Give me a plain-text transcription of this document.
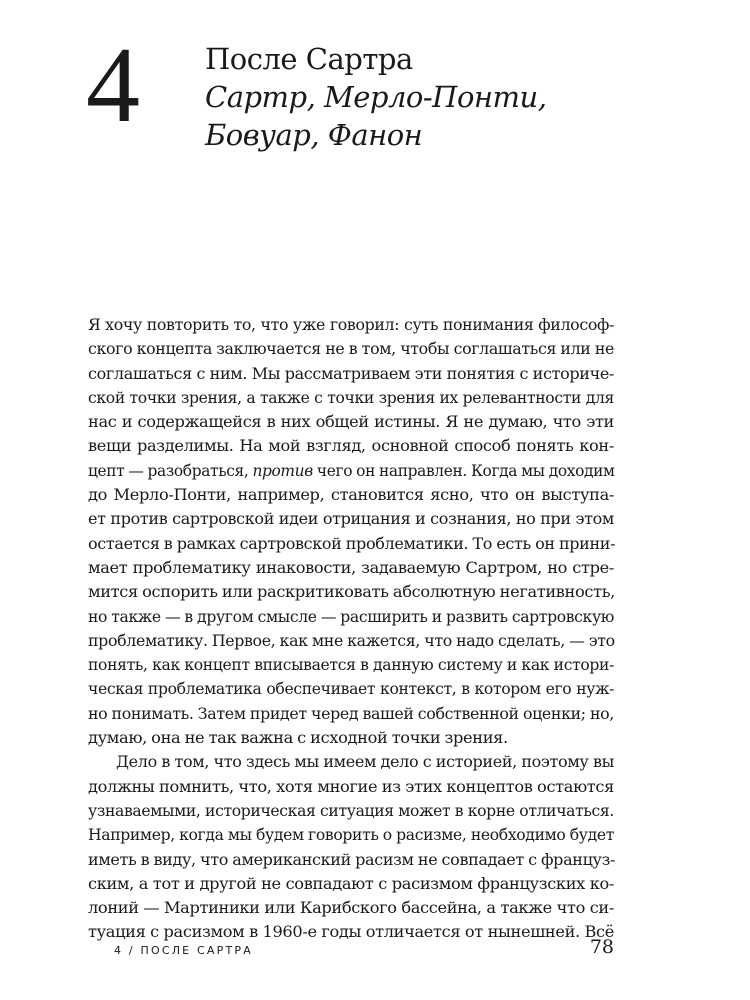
4 После Сартра
Сартр, Мерло-Понти,
Бовуар, Фанон

Я хочу повторить то, что уже говорил: суть понимания философ-
ского концепта заключается не в том, чтобы соглашаться или не
соглашаться с ним. Мы рассматриваем эти понятия с историче-
ской точки зрения, а также с точки зрения их релевантности для
нас и содержащейся в них общей истины. Я не думаю, что эти
вещи разделимы. На мой взгляд, основной способ понять кон-
цепт — разобраться, против чего он направлен. Когда мы доходим
до Мерло-Понти, например, становится ясно, что он выступа-
ет против сартровской идеи отрицания и сознания, но при этом
остается в рамках сартровской проблематики. То есть он прини-
мает проблематику инаковости, задаваемую Сартром, но стре-
мится оспорить или раскритиковать абсолютную негативность,
но также — в другом смысле — расширить и развить сартровскую
проблематику. Первое, как мне кажется, что надо сделать, — это
понять, как концепт вписывается в данную систему и как истори-
ческая проблематика обеспечивает контекст, в котором его нуж-
но понимать. Затем придет черед вашей собственной оценки; но,
думаю, она не так важна с исходной точки зрения.

Дело в том, что здесь мы имеем дело с историей, поэтому вы
должны помнить, что, хотя многие из этих концептов остаются
узнаваемыми, историческая ситуация может в корне отличаться.
Например, когда мы будем говорить о расизме, необходимо будет
иметь в виду, что американский расизм не совпадает с француз-
ским, а тот и другой не совпадают с расизмом французских ко-
лоний — Мартиники или Карибского бассейна, а также что си-
туация с расизмом в 1960-е годы отличается от нынешней. Всё

4 / ПОСЛЕ САРТРА	78
